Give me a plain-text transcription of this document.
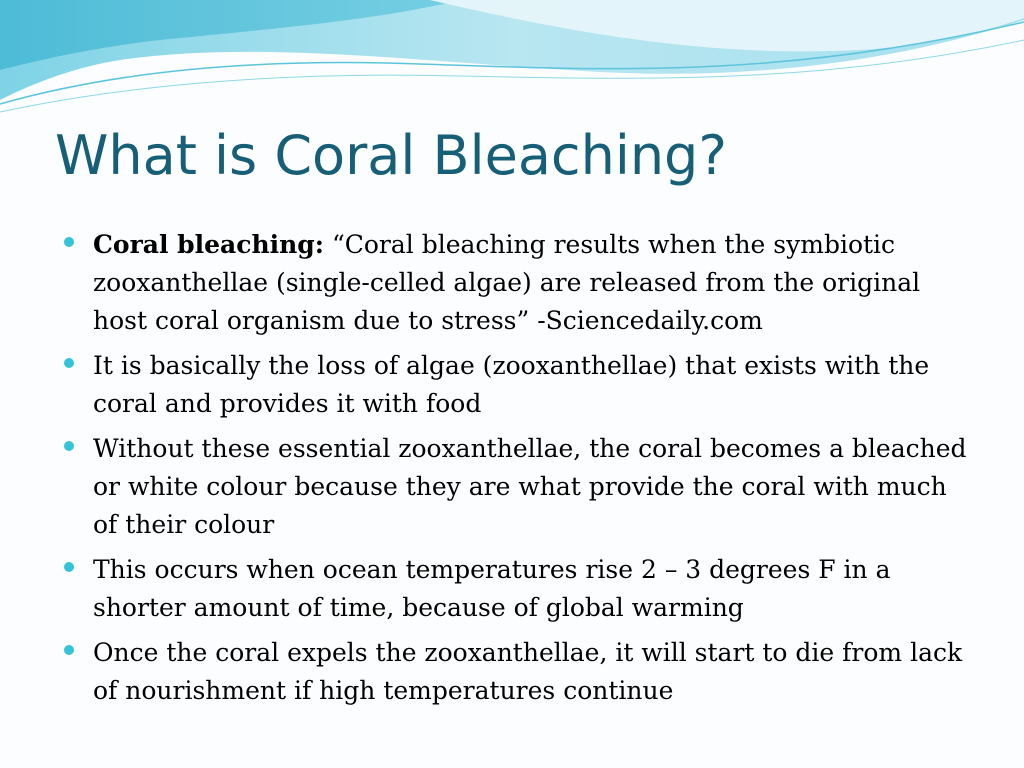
What is Coral Bleaching?
Coral bleaching: “Coral bleaching results when the symbiotic zooxanthellae (single-celled algae) are released from the original host coral organism due to stress” -Sciencedaily.com
It is basically the loss of algae (zooxanthellae) that exists with the coral and provides it with food
Without these essential zooxanthellae, the coral becomes a bleached or white colour because they are what provide the coral with much of their colour
This occurs when ocean temperatures rise 2 – 3 degrees F in a shorter amount of time, because of global warming
Once the coral expels the zooxanthellae, it will start to die from lack of nourishment if high temperatures continue
